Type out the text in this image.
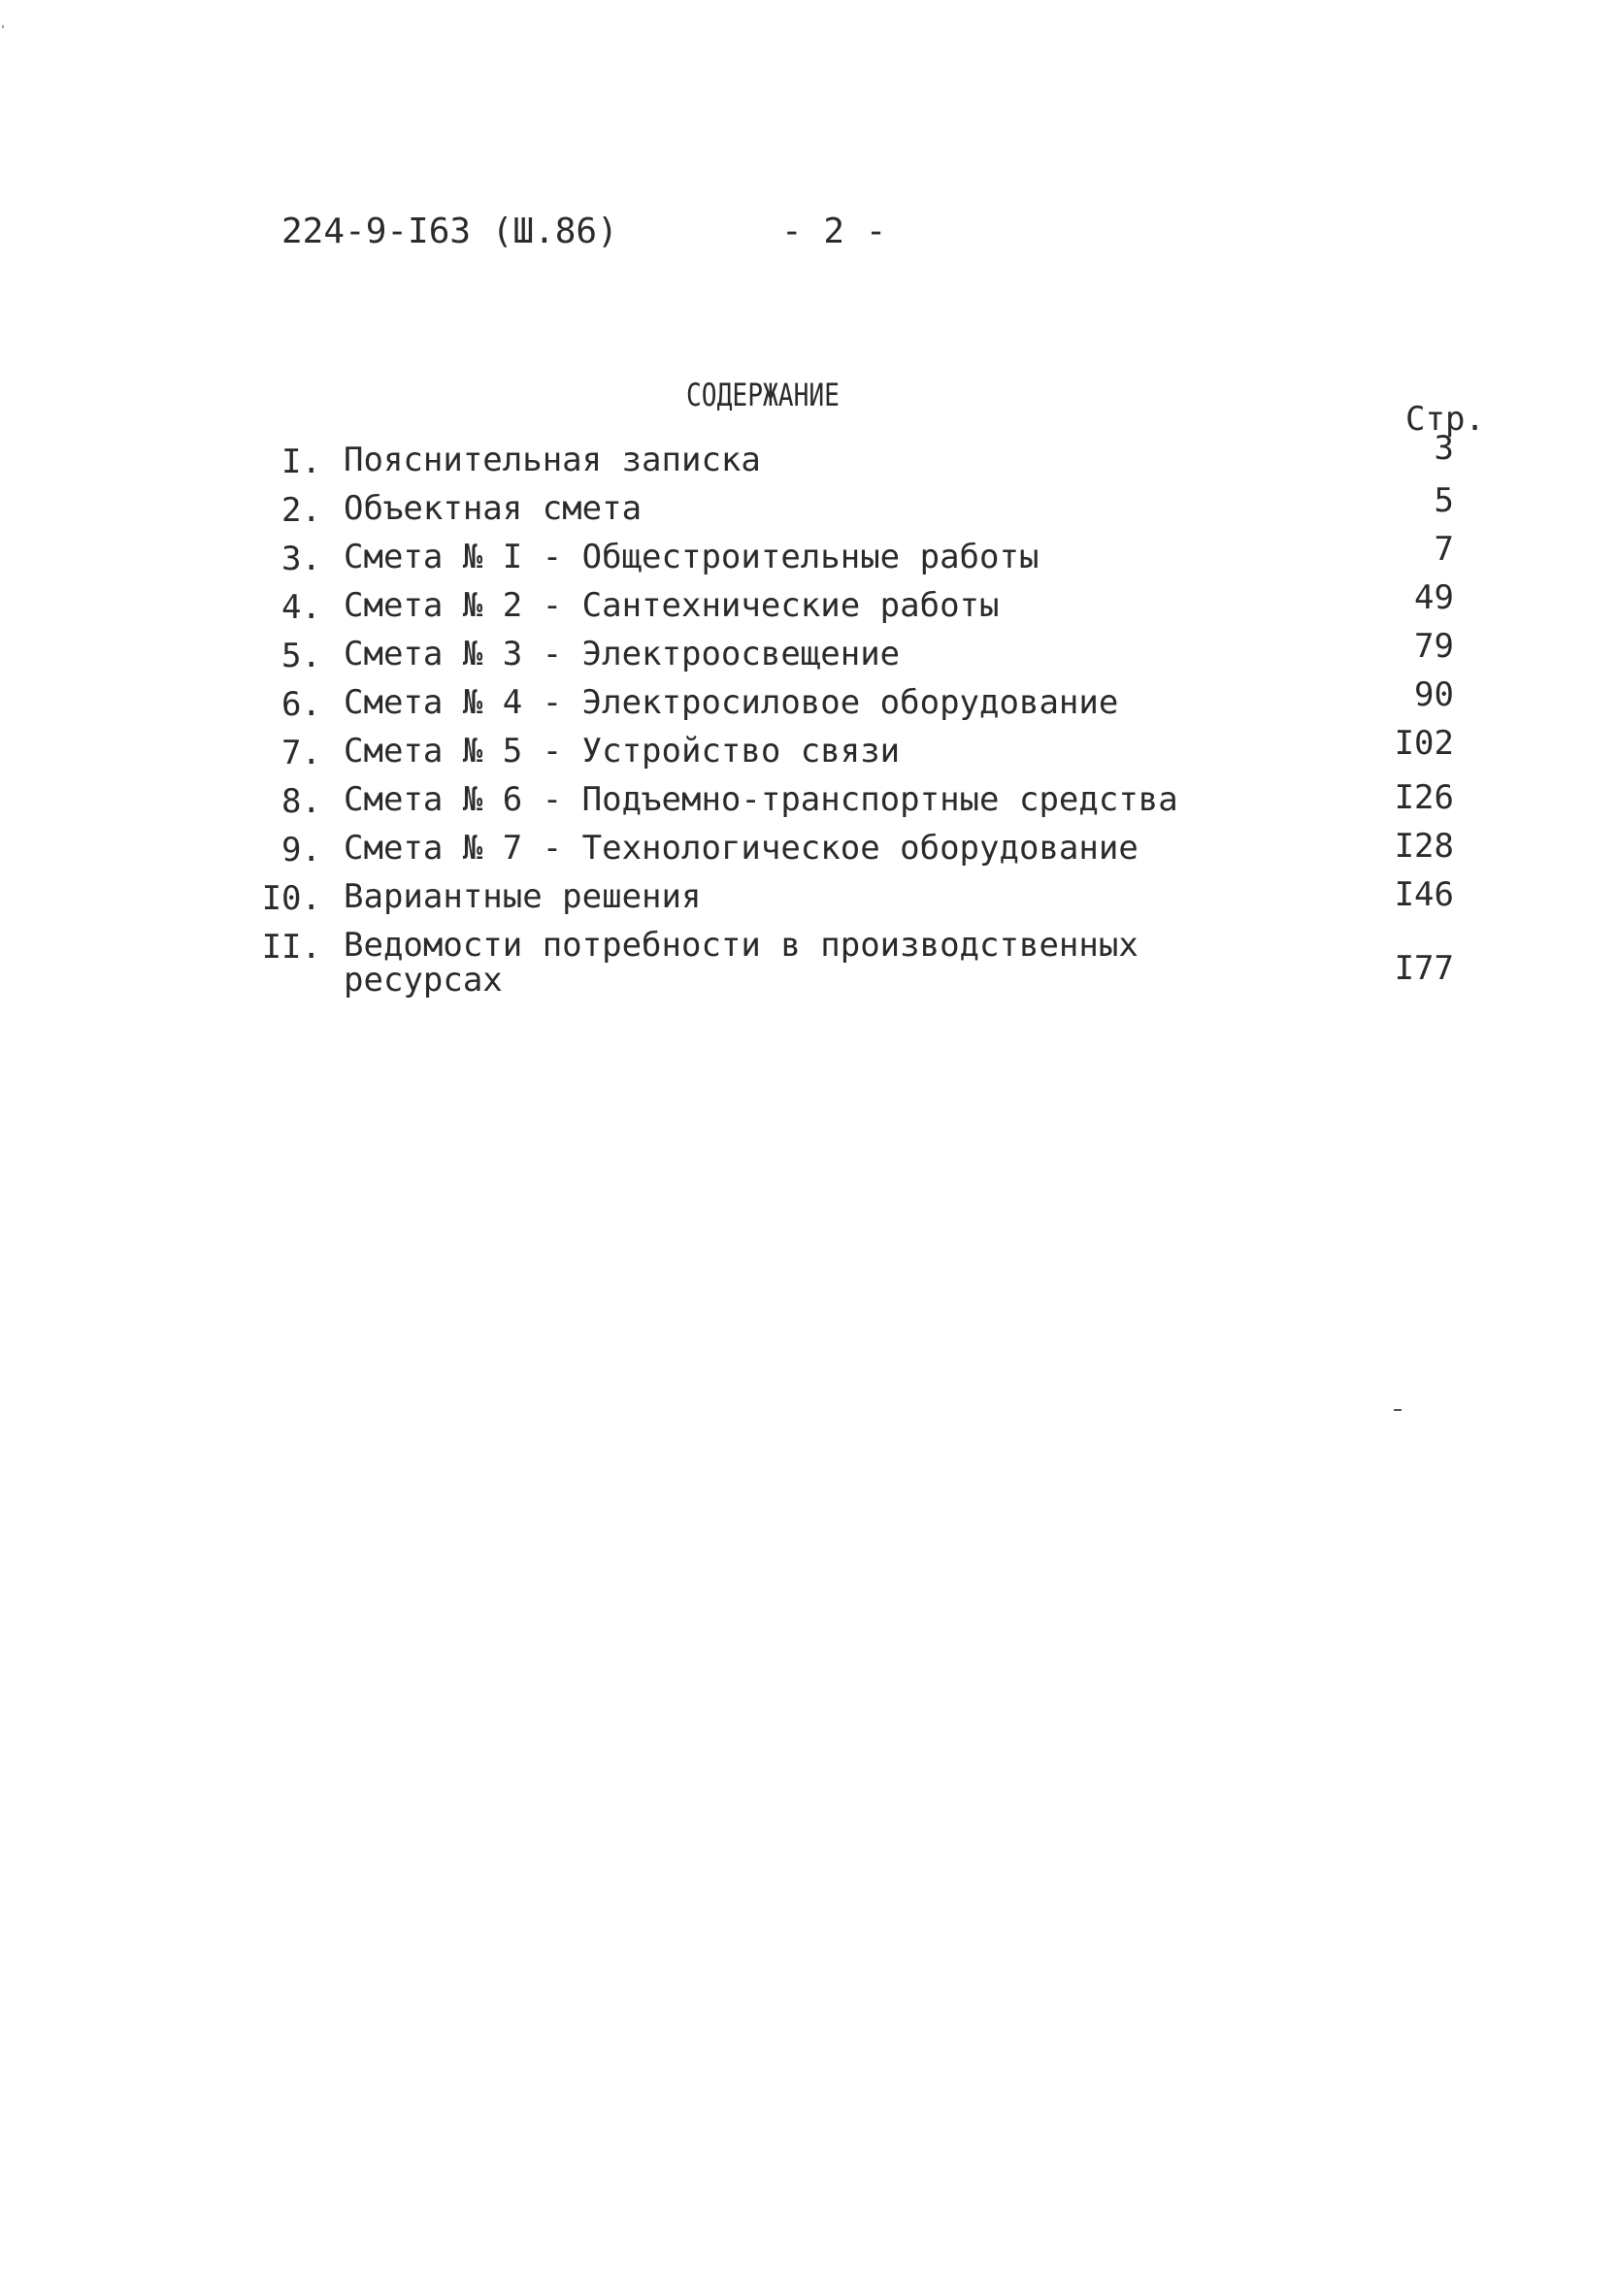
224-9-I63 (Ш.86)	- 2 -
СОДЕРЖАНИЕ
Стр.
I. Пояснительная записка	3
2. Объектная смета	5
3. Смета № I - Общестроительные работы	7
4. Смета № 2 - Сантехнические работы	49
5. Смета № 3 - Электроосвещение	79
6. Смета № 4 - Электросиловое оборудование	90
7. Смета № 5 - Устройство связи	I02
8. Смета № 6 - Подъемно-транспортные средства	I26
9. Смета № 7 - Технологическое оборудование	I28
I0. Вариантные решения	I46
II. Ведомости потребности в производственных
ресурсах	I77
